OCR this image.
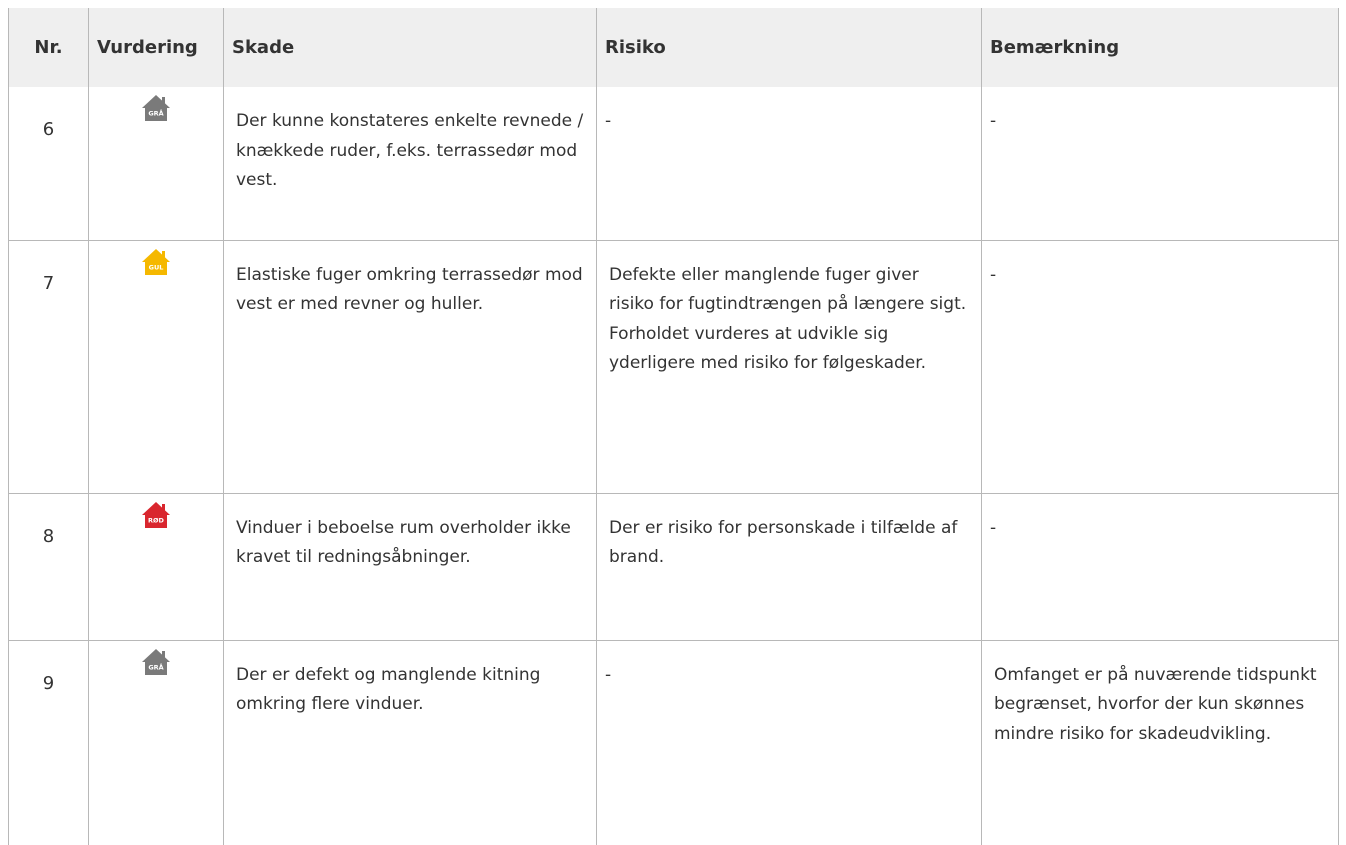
Nr.	Vurdering	Skade	Risiko	Bemærkning
6	GRÅ	Der kunne konstateres enkelte revnede / knækkede ruder, f.eks. terrassedør mod vest.	-	-
7	GUL	Elastiske fuger omkring terrassedør mod vest er med revner og huller.	Defekte eller manglende fuger giver risiko for fugtindtrængen på længere sigt. Forholdet vurderes at udvikle sig yderligere med risiko for følgeskader.	-
8	RØD	Vinduer i beboelse rum overholder ikke kravet til redningsåbninger.	Der er risiko for personskade i tilfælde af brand.	-
9	GRÅ	Der er defekt og manglende kitning omkring flere vinduer.	-	Omfanget er på nuværende tidspunkt begrænset, hvorfor der kun skønnes mindre risiko for skadeudvikling.
